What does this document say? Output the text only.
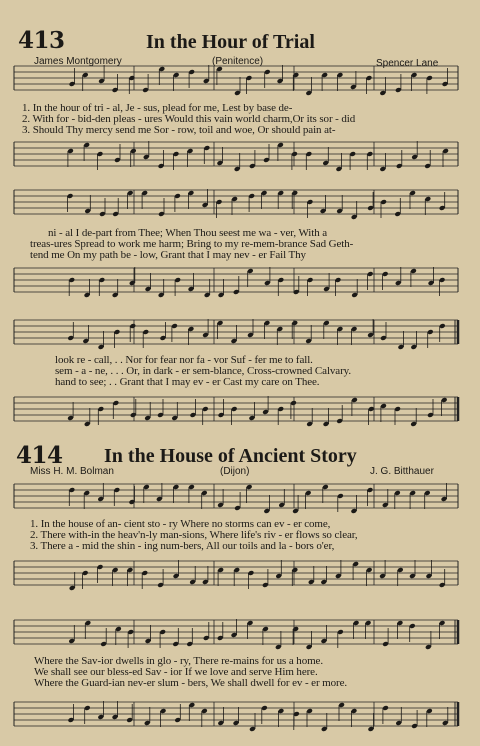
413	In the Hour of Trial
James Montgomery	(Penitence)	Spencer Lane
1. In the hour of tri - al, Je - sus, plead for me, Lest by base de-
2. With for - bid-den pleas - ures Would this vain world charm,Or its sor - did
3. Should Thy mercy send me Sor - row, toil and woe, Or should pain at-
ni - al I de-part from Thee; When Thou seest me wa - ver, With a
treas-ures Spread to work me harm; Bring to my re-mem-brance Sad Geth-
tend me On my path be - low, Grant that I may nev - er Fail Thy
look re - call, . . Nor for fear nor fa - vor Suf - fer me to fall.
sem - a - ne, . . . Or, in dark - er sem-blance, Cross-crowned Calvary.
hand to see; . . Grant that I may ev - er Cast my care on Thee.
414 In the House of Ancient Story
Miss H. M. Bolman	(Dijon)	J. G. Bitthauer
1. In the house of an- cient sto - ry Where no storms can ev - er come,
2. There with-in the heav'n-ly man-sions, Where life's riv - er flows so clear,
3. There a - mid the shin - ing num-bers, All our toils and la - bors o'er,
Where the Sav-ior dwells in glo - ry, There re-mains for us a home.
We shall see our bless-ed Sav - ior If we love and serve Him here.
Where the Guard-ian nev-er slum - bers, We shall dwell for ev - er more.
